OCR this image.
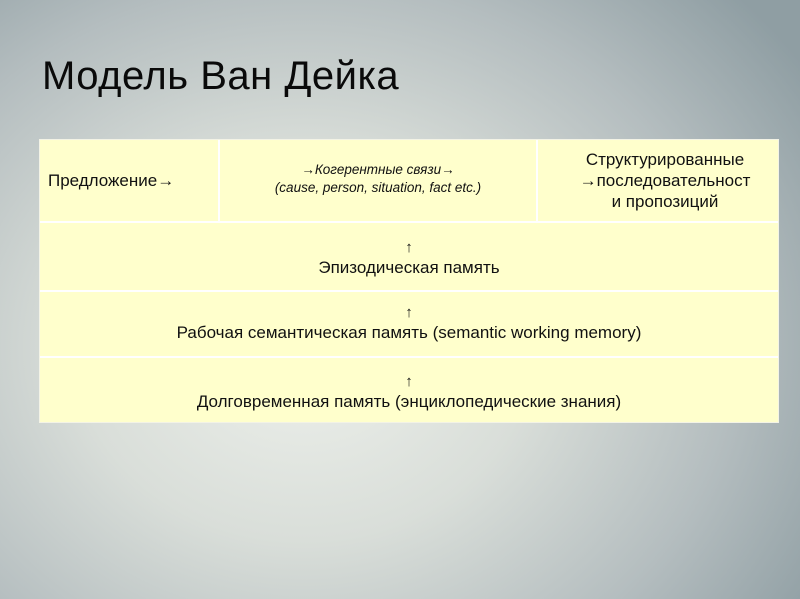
Модель Ван Дейка
Предложение→
→Когерентные связи→
(cause, person, situation, fact etc.)
Структурированные
→последовательност
и пропозиций
↑
Эпизодическая память
↑
Рабочая семантическая память (semantic working memory)
↑
Долговременная память (энциклопедические знания)
